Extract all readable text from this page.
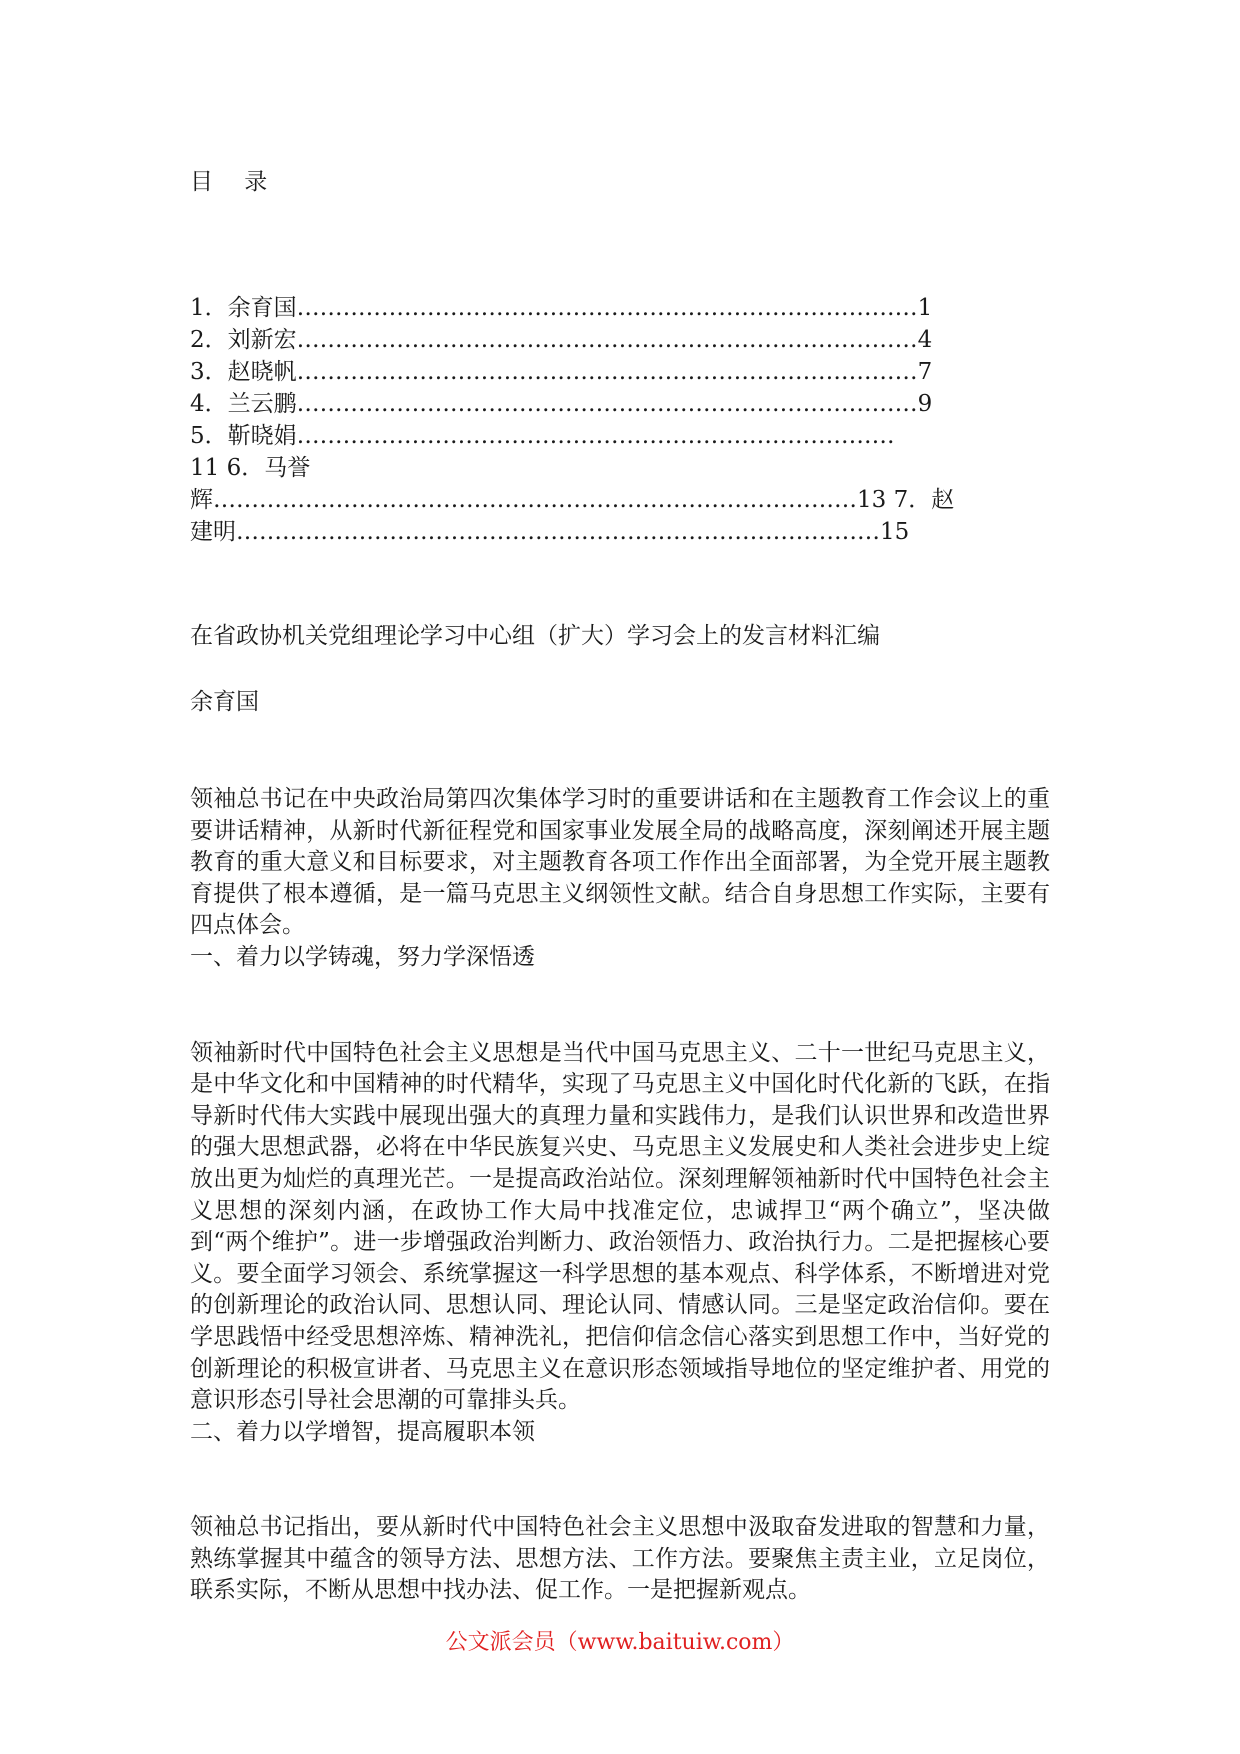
目 录
1．余育国………………………………………………………………………1
2．刘新宏………………………………………………………………………4
3．赵晓帆………………………………………………………………………7
4．兰云鹏………………………………………………………………………9
5．靳晓娟……………………………………………………………………
11 6．马誉
辉…………………………………………………………………………13 7．赵
建明…………………………………………………………………………15
在省政协机关党组理论学习中心组（扩大）学习会上的发言材料汇编
余育国

领袖总书记在中央政治局第四次集体学习时的重要讲话和在主题教育工作会议上的重要讲话精神，从新时代新征程党和国家事业发展全局的战略高度，深刻阐述开展主题教育的重大意义和目标要求，对主题教育各项工作作出全面部署，为全党开展主题教育提供了根本遵循，是一篇马克思主义纲领性文献。结合自身思想工作实际，主要有四点体会。

一、着力以学铸魂，努力学深悟透

领袖新时代中国特色社会主义思想是当代中国马克思主义、二十一世纪马克思主义，是中华文化和中国精神的时代精华，实现了马克思主义中国化时代化新的飞跃，在指导新时代伟大实践中展现出强大的真理力量和实践伟力，是我们认识世界和改造世界的强大思想武器，必将在中华民族复兴史、马克思主义发展史和人类社会进步史上绽放出更为灿烂的真理光芒。一是提高政治站位。深刻理解领袖新时代中国特色社会主义思想的深刻内涵，在政协工作大局中找准定位，忠诚捍卫“两个确立”，坚决做到“两个维护”。进一步增强政治判断力、政治领悟力、政治执行力。二是把握核心要义。要全面学习领会、系统掌握这一科学思想的基本观点、科学体系，不断增进对党的创新理论的政治认同、思想认同、理论认同、情感认同。三是坚定政治信仰。要在学思践悟中经受思想淬炼、精神洗礼，把信仰信念信心落实到思想工作中，当好党的创新理论的积极宣讲者、马克思主义在意识形态领域指导地位的坚定维护者、用党的意识形态引导社会思潮的可靠排头兵。

二、着力以学增智，提高履职本领

领袖总书记指出，要从新时代中国特色社会主义思想中汲取奋发进取的智慧和力量，熟练掌握其中蕴含的领导方法、思想方法、工作方法。要聚焦主责主业，立足岗位，联系实际，不断从思想中找办法、促工作。一是把握新观点。

公文派会员（www.baituiw.com）
